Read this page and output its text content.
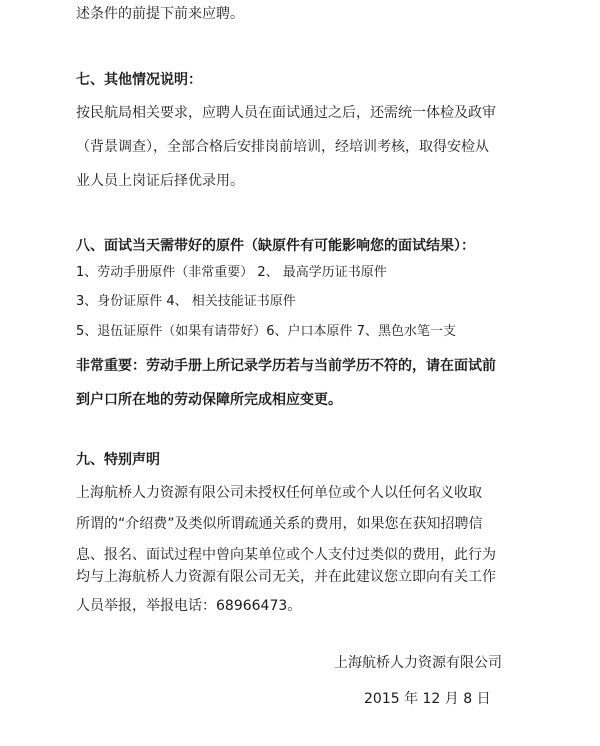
述条件的前提下前来应聘。
七、其他情况说明：
按民航局相关要求，应聘人员在面试通过之后，还需统一体检及政审
（背景调查），全部合格后安排岗前培训，经培训考核，取得安检从
业人员上岗证后择优录用。
八、面试当天需带好的原件（缺原件有可能影响您的面试结果）：
1、劳动手册原件（非常重要） 2、 最高学历证书原件
3、身份证原件 4、 相关技能证书原件
5、退伍证原件（如果有请带好）6、户口本原件 7、黑色水笔一支
非常重要：劳动手册上所记录学历若与当前学历不符的，请在面试前
到户口所在地的劳动保障所完成相应变更。
九、特别声明
上海航桥人力资源有限公司未授权任何单位或个人以任何名义收取
所谓的“介绍费”及类似所谓疏通关系的费用，如果您在获知招聘信
息、报名、面试过程中曾向某单位或个人支付过类似的费用，此行为
均与上海航桥人力资源有限公司无关，并在此建议您立即向有关工作
人员举报，举报电话：68966473。
上海航桥人力资源有限公司
2015 年 12 月 8 日
